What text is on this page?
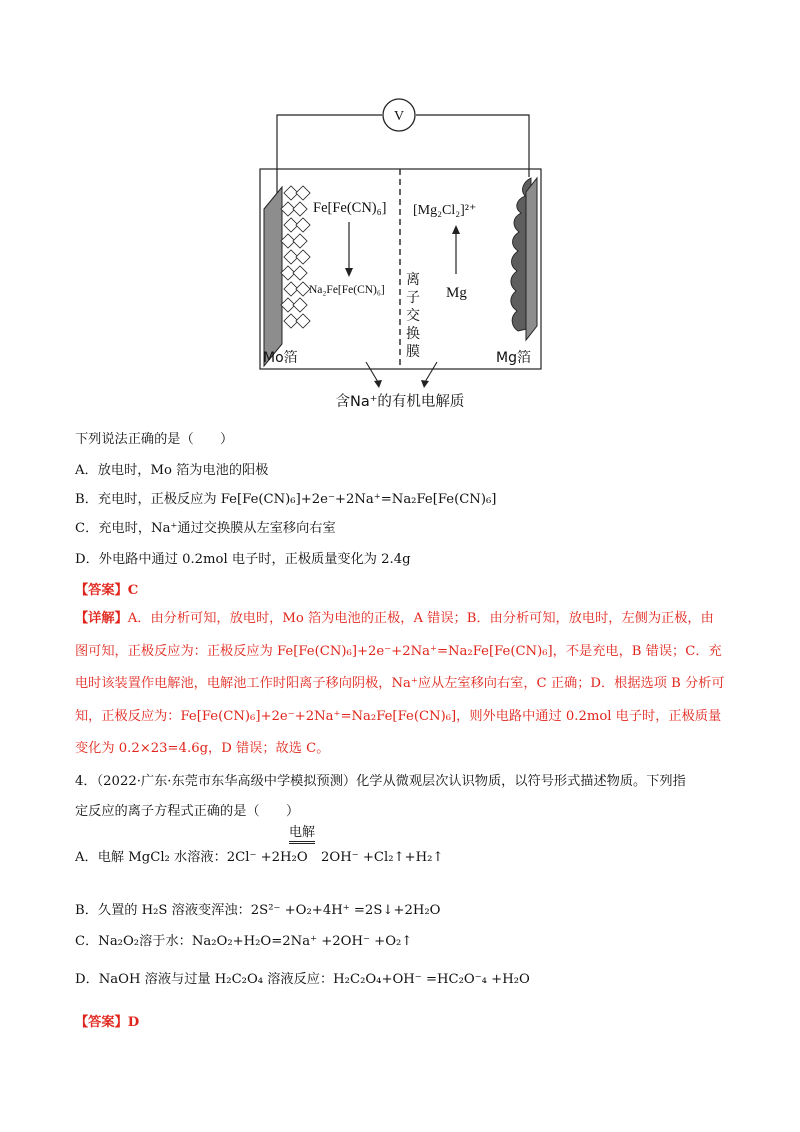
V
Fe[Fe(CN)₆]
Na₂Fe[Fe(CN)₆]
离
子
交
换
膜
[Mg₂Cl₂]²⁺
Mg
Mo箔	Mg箔
含Na⁺的有机电解质
下列说法正确的是（　　）
A．放电时，Mo 箔为电池的阳极
B．充电时，正极反应为 Fe[Fe(CN)₆]+2e⁻+2Na⁺=Na₂Fe[Fe(CN)₆]
C．充电时，Na⁺通过交换膜从左室移向右室
D．外电路中通过 0.2mol 电子时，正极质量变化为 2.4g
【答案】C
【详解】A．由分析可知，放电时，Mo 箔为电池的正极，A 错误；B．由分析可知，放电时，左侧为正极，由图可知，正极反应为：正极反应为 Fe[Fe(CN)₆]+2e⁻+2Na⁺=Na₂Fe[Fe(CN)₆]，不是充电，B 错误；C．充电时该装置作电解池，电解池工作时阳离子移向阴极，Na⁺应从左室移向右室，C 正确；D．根据选项 B 分析可知，正极反应为：Fe[Fe(CN)₆]+2e⁻+2Na⁺=Na₂Fe[Fe(CN)₆]，则外电路中通过 0.2mol 电子时，正极质量变化为 0.2×23=4.6g，D 错误；故选 C。
4．（2022·广东·东莞市东华高级中学模拟预测）化学从微观层次认识物质，以符号形式描述物质。下列指
定反应的离子方程式正确的是（　　）
电解
A．电解 MgCl₂ 水溶液：2Cl⁻ +2H₂O 2OH⁻ +Cl₂↑+H₂↑
B．久置的 H₂S 溶液变浑浊：2S²⁻ +O₂+4H⁺ =2S↓+2H₂O
C．Na₂O₂溶于水：Na₂O₂+H₂O=2Na⁺ +2OH⁻ +O₂↑
D．NaOH 溶液与过量 H₂C₂O₄ 溶液反应：H₂C₂O₄+OH⁻ =HC₂O⁻₄ +H₂O
【答案】D
